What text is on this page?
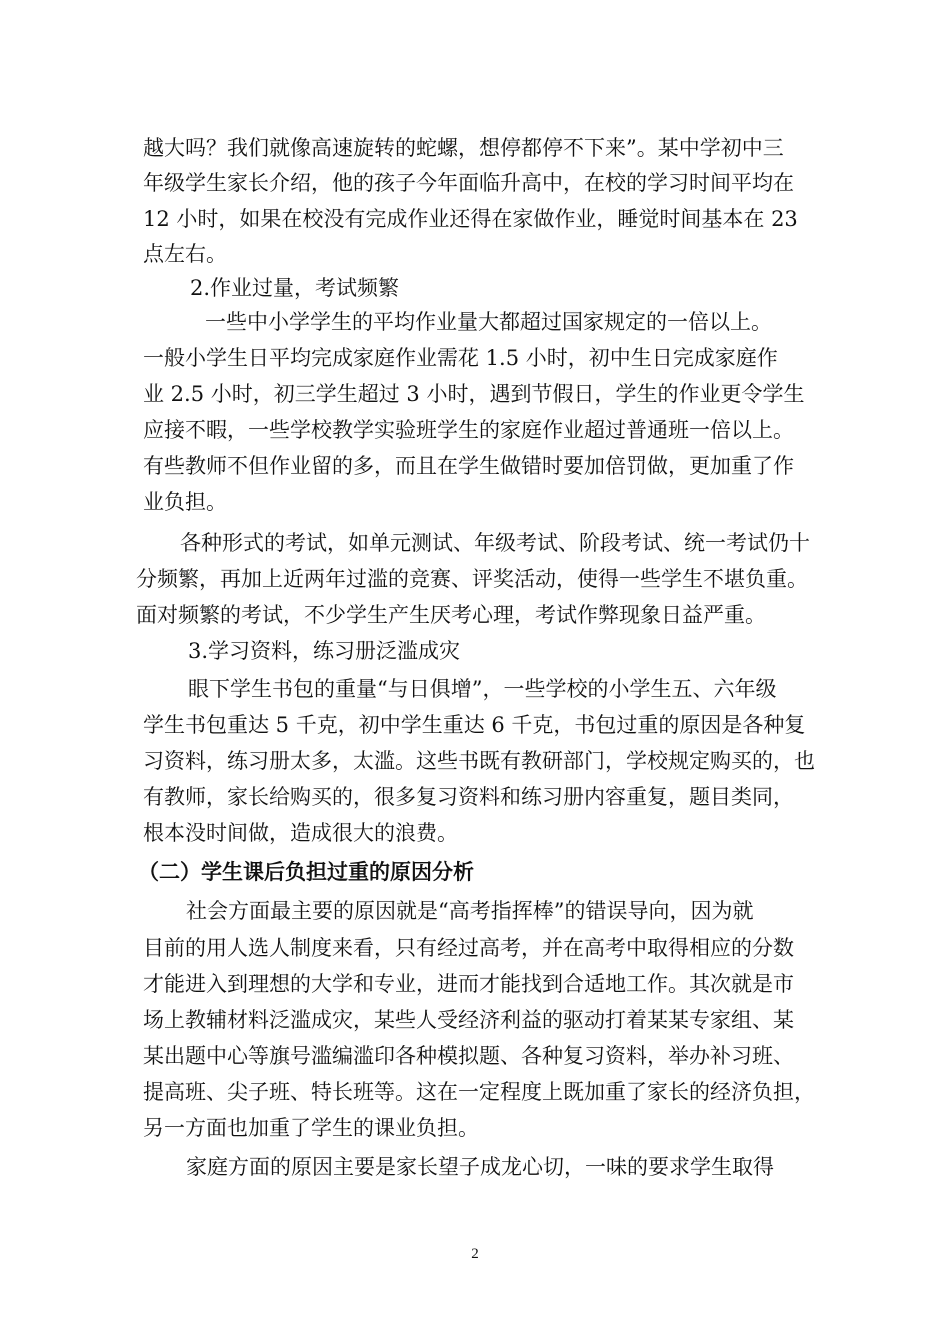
越大吗？我们就像高速旋转的蛇螺，想停都停不下来”。某中学初中三
年级学生家长介绍，他的孩子今年面临升高中，在校的学习时间平均在
12 小时，如果在校没有完成作业还得在家做作业，睡觉时间基本在 23
点左右。
2.作业过量，考试频繁
一些中小学学生的平均作业量大都超过国家规定的一倍以上。
一般小学生日平均完成家庭作业需花 1.5 小时，初中生日完成家庭作
业 2.5 小时，初三学生超过 3 小时，遇到节假日，学生的作业更令学生
应接不暇，一些学校教学实验班学生的家庭作业超过普通班一倍以上。
有些教师不但作业留的多，而且在学生做错时要加倍罚做，更加重了作
业负担。
各种形式的考试，如单元测试、年级考试、阶段考试、统一考试仍十
分频繁，再加上近两年过滥的竞赛、评奖活动，使得一些学生不堪负重。
面对频繁的考试，不少学生产生厌考心理，考试作弊现象日益严重。
3.学习资料，练习册泛滥成灾
眼下学生书包的重量“与日俱增”，一些学校的小学生五、六年级
学生书包重达 5 千克，初中学生重达 6 千克，书包过重的原因是各种复
习资料，练习册太多，太滥。这些书既有教研部门，学校规定购买的，也
有教师，家长给购买的，很多复习资料和练习册内容重复，题目类同，
根本没时间做，造成很大的浪费。
（二）学生课后负担过重的原因分析
社会方面最主要的原因就是“高考指挥棒”的错误导向，因为就
目前的用人选人制度来看，只有经过高考，并在高考中取得相应的分数
才能进入到理想的大学和专业，进而才能找到合适地工作。其次就是市
场上教辅材料泛滥成灾，某些人受经济利益的驱动打着某某专家组、某
某出题中心等旗号滥编滥印各种模拟题、各种复习资料，举办补习班、
提高班、尖子班、特长班等。这在一定程度上既加重了家长的经济负担，
另一方面也加重了学生的课业负担。
家庭方面的原因主要是家长望子成龙心切，一味的要求学生取得
2
